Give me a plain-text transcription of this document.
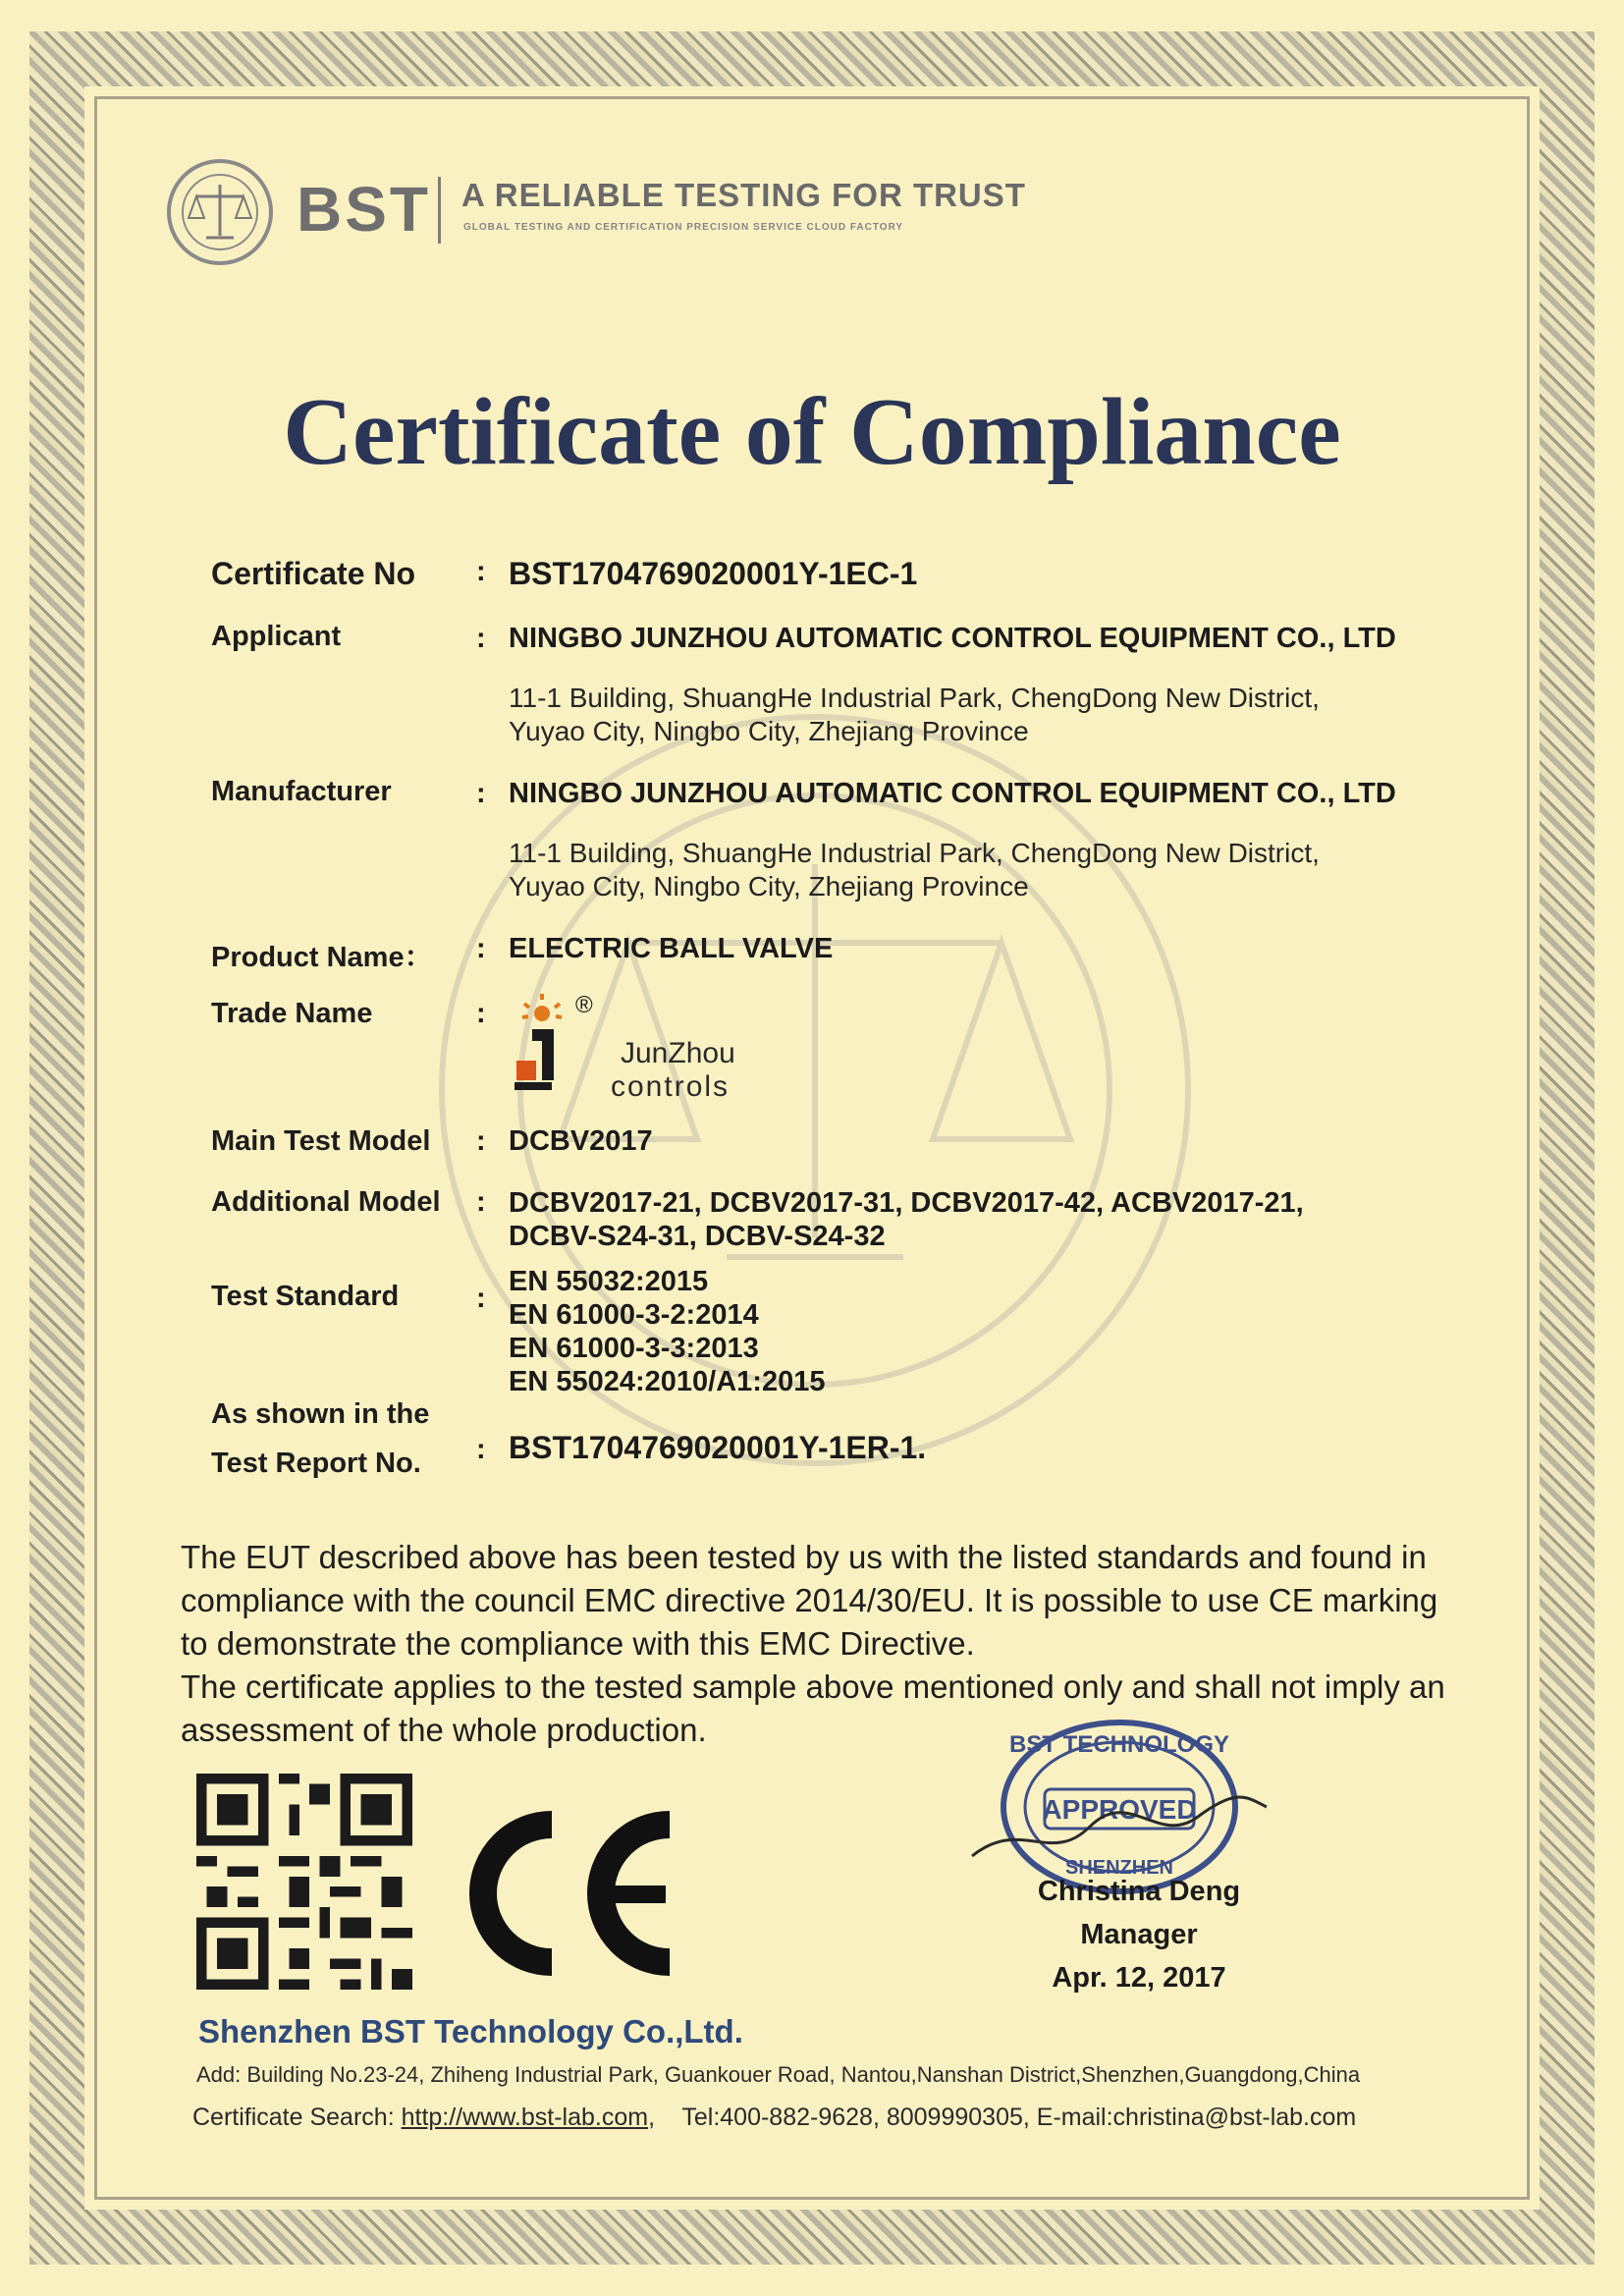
BST A RELIABLE TESTING FOR TRUST
GLOBAL TESTING AND CERTIFICATION PRECISION SERVICE CLOUD FACTORY
Certificate of Compliance
Certificate No : BST1704769020001Y-1EC-1
Applicant	: NINGBO JUNZHOU AUTOMATIC CONTROL EQUIPMENT CO., LTD
11-1 Building, ShuangHe Industrial Park, ChengDong New District,
Yuyao City, Ningbo City, Zhejiang Province
Manufacturer	: NINGBO JUNZHOU AUTOMATIC CONTROL EQUIPMENT CO., LTD
11-1 Building, ShuangHe Industrial Park, ChengDong New District,
Yuyao City, Ningbo City, Zhejiang Province
Product Name： : ELECTRIC BALL VALVE
Trade Name	:	®
JunZhou
controls
Main Test Model : DCBV2017
Additional Model : DCBV2017-21, DCBV2017-31, DCBV2017-42, ACBV2017-21,
DCBV-S24-31, DCBV-S24-32
Test Standard	:
EN 55032:2015
EN 61000-3-2:2014
EN 61000-3-3:2013
EN 55024:2010/A1:2015
As shown in the
Test Report No. : BST1704769020001Y-1ER-1.

The EUT described above has been tested by us with the listed standards and found in compliance with the council EMC directive 2014/30/EU. It is possible to use CE marking to demonstrate the compliance with this EMC Directive.

The certificate applies to the tested sample above mentioned only and shall not imply an assessment of the whole production.	BST TECHNOLOGY
APPROVED
SHENZHEN
Christina Deng
Manager
Apr. 12, 2017
Shenzhen BST Technology Co.,Ltd.
Add: Building No.23-24, Zhiheng Industrial Park, Guankouer Road, Nantou,Nanshan District,Shenzhen,Guangdong,China
Certificate Search: http://www.bst-lab.com,    Tel:400-882-9628, 8009990305, E-mail:christina@bst-lab.com
